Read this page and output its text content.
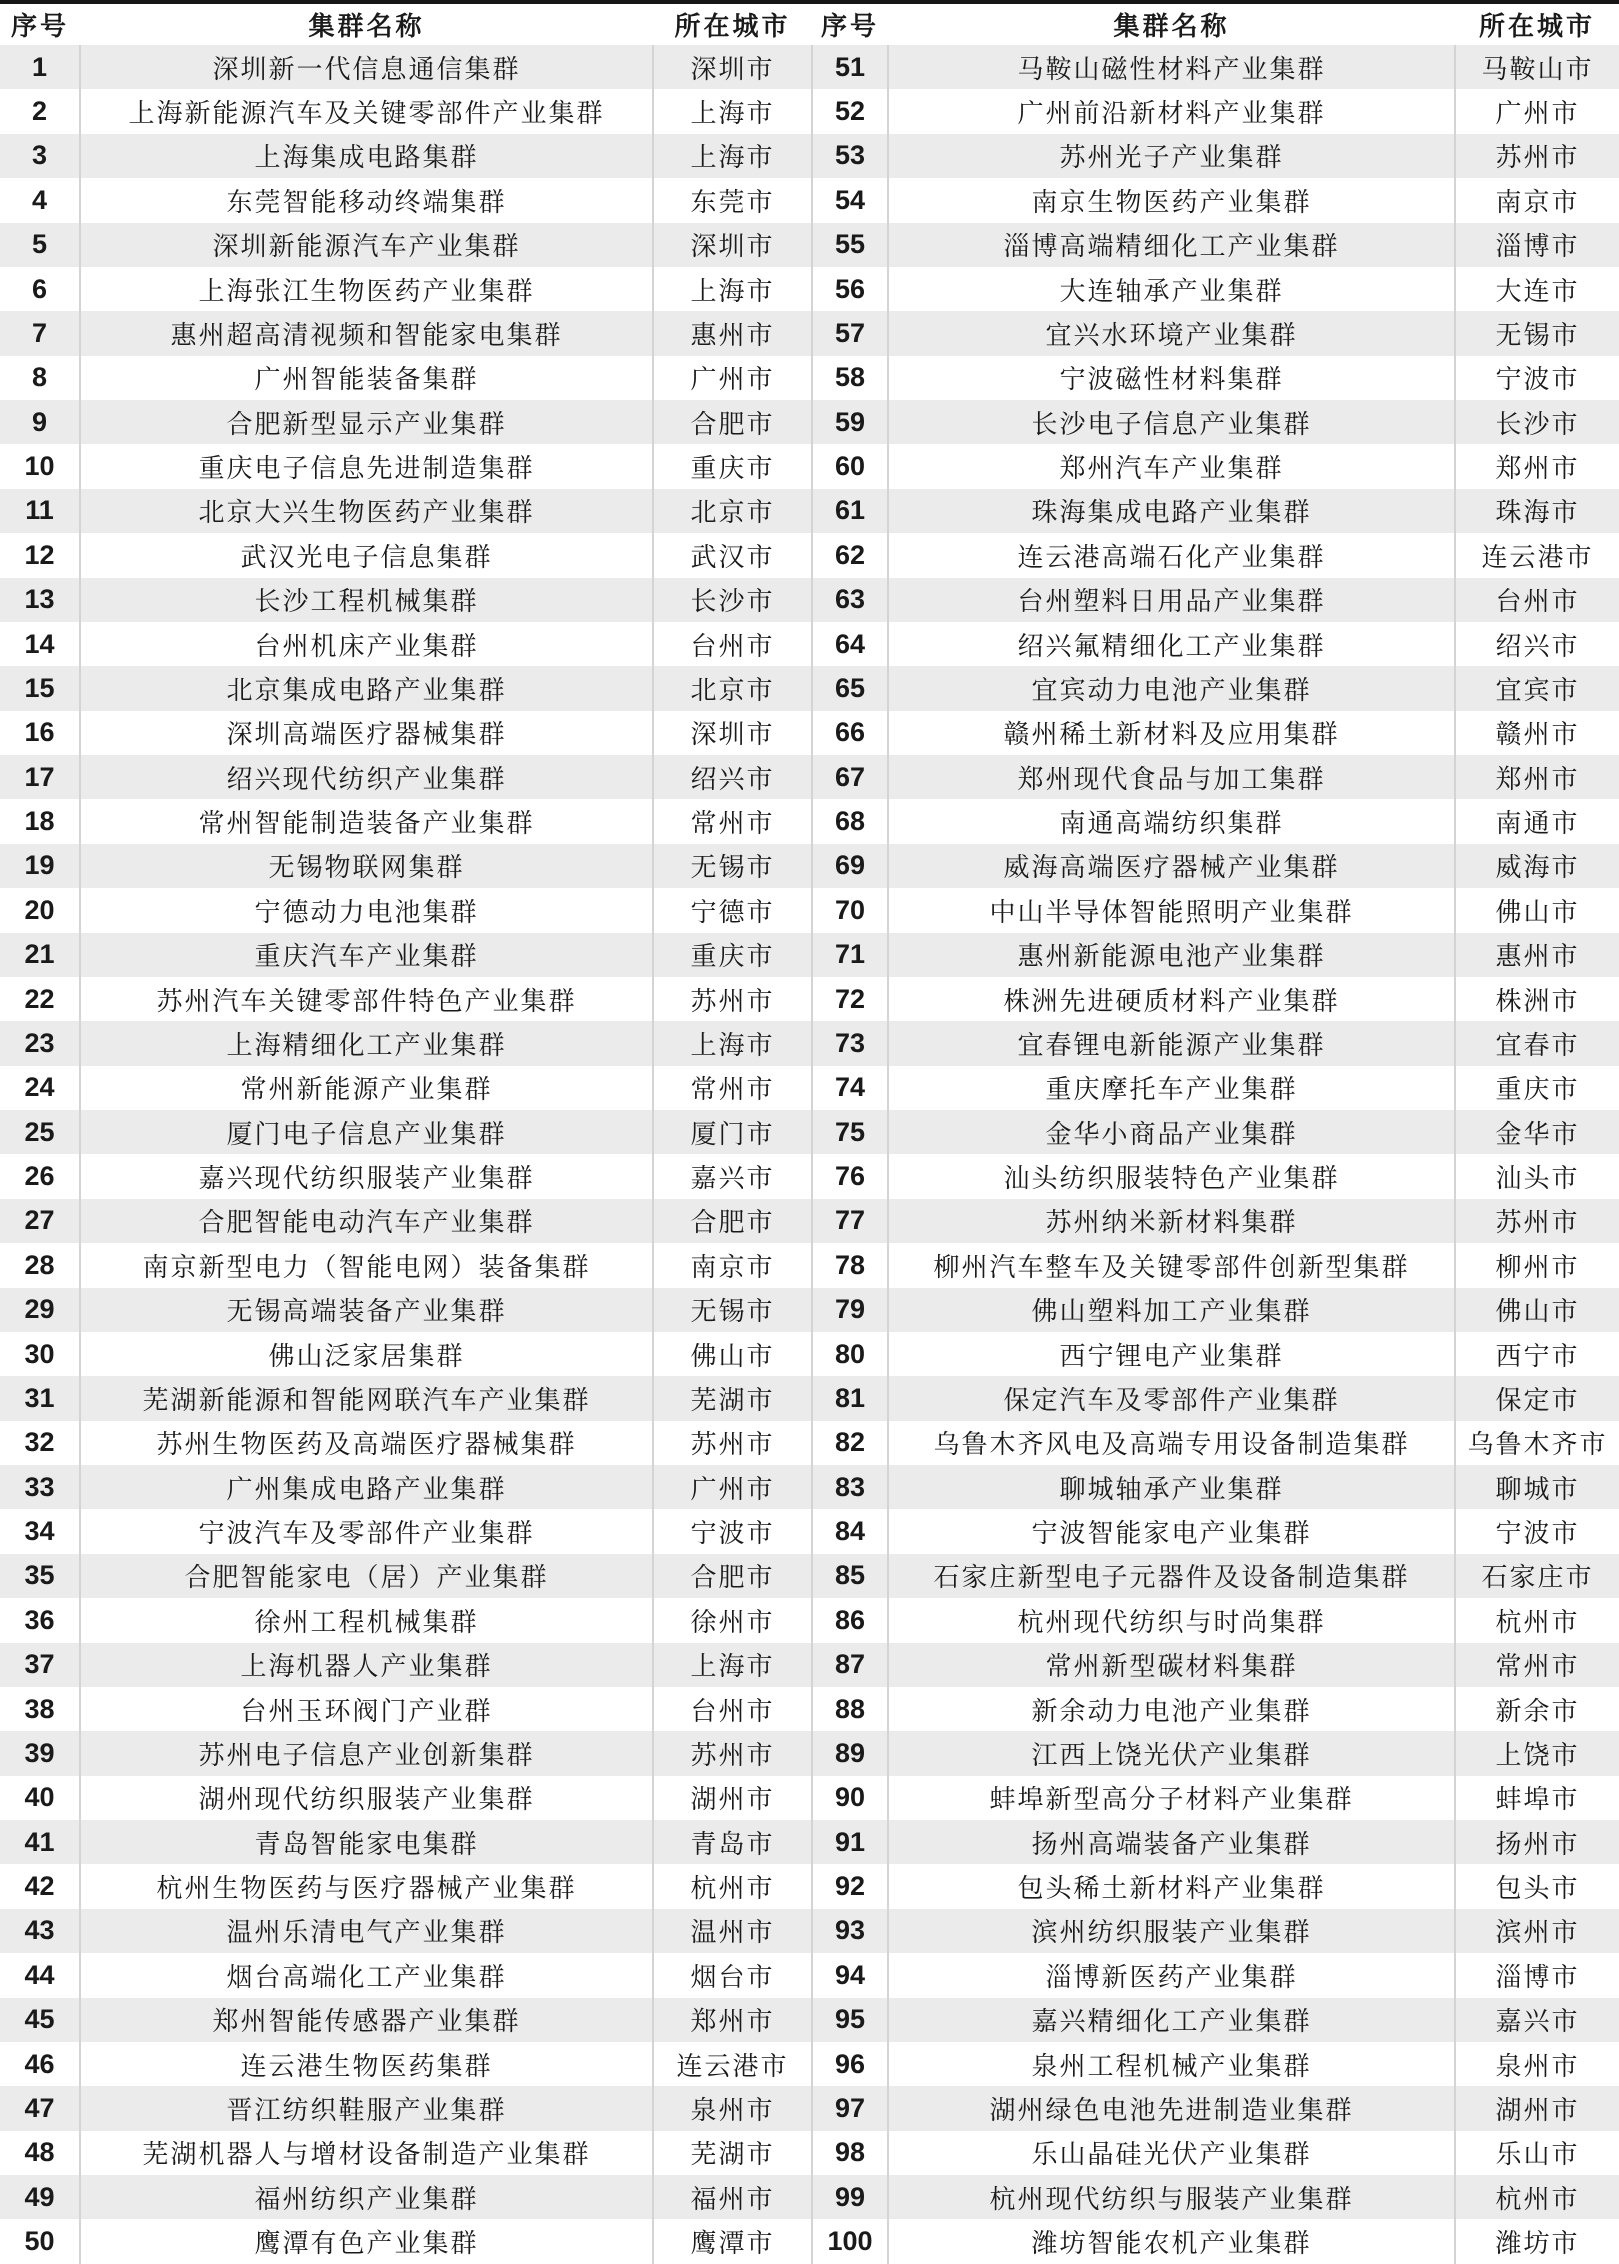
序号	集群名称	所在城市	序号	集群名称	所在城市
1	深圳新一代信息通信集群	深圳市	51	马鞍山磁性材料产业集群	马鞍山市
2	上海新能源汽车及关键零部件产业集群	上海市	52	广州前沿新材料产业集群	广州市
3	上海集成电路集群	上海市	53	苏州光子产业集群	苏州市
4	东莞智能移动终端集群	东莞市	54	南京生物医药产业集群	南京市
5	深圳新能源汽车产业集群	深圳市	55	淄博高端精细化工产业集群	淄博市
6	上海张江生物医药产业集群	上海市	56	大连轴承产业集群	大连市
7	惠州超高清视频和智能家电集群	惠州市	57	宜兴水环境产业集群	无锡市
8	广州智能装备集群	广州市	58	宁波磁性材料集群	宁波市
9	合肥新型显示产业集群	合肥市	59	长沙电子信息产业集群	长沙市
10	重庆电子信息先进制造集群	重庆市	60	郑州汽车产业集群	郑州市
11	北京大兴生物医药产业集群	北京市	61	珠海集成电路产业集群	珠海市
12	武汉光电子信息集群	武汉市	62	连云港高端石化产业集群	连云港市
13	长沙工程机械集群	长沙市	63	台州塑料日用品产业集群	台州市
14	台州机床产业集群	台州市	64	绍兴氟精细化工产业集群	绍兴市
15	北京集成电路产业集群	北京市	65	宜宾动力电池产业集群	宜宾市
16	深圳高端医疗器械集群	深圳市	66	赣州稀土新材料及应用集群	赣州市
17	绍兴现代纺织产业集群	绍兴市	67	郑州现代食品与加工集群	郑州市
18	常州智能制造装备产业集群	常州市	68	南通高端纺织集群	南通市
19	无锡物联网集群	无锡市	69	威海高端医疗器械产业集群	威海市
20	宁德动力电池集群	宁德市	70	中山半导体智能照明产业集群	佛山市
21	重庆汽车产业集群	重庆市	71	惠州新能源电池产业集群	惠州市
22	苏州汽车关键零部件特色产业集群	苏州市	72	株洲先进硬质材料产业集群	株洲市
23	上海精细化工产业集群	上海市	73	宜春锂电新能源产业集群	宜春市
24	常州新能源产业集群	常州市	74	重庆摩托车产业集群	重庆市
25	厦门电子信息产业集群	厦门市	75	金华小商品产业集群	金华市
26	嘉兴现代纺织服装产业集群	嘉兴市	76	汕头纺织服装特色产业集群	汕头市
27	合肥智能电动汽车产业集群	合肥市	77	苏州纳米新材料集群	苏州市
28	南京新型电力（智能电网）装备集群	南京市	78	柳州汽车整车及关键零部件创新型集群	柳州市
29	无锡高端装备产业集群	无锡市	79	佛山塑料加工产业集群	佛山市
30	佛山泛家居集群	佛山市	80	西宁锂电产业集群	西宁市
31	芜湖新能源和智能网联汽车产业集群	芜湖市	81	保定汽车及零部件产业集群	保定市
32	苏州生物医药及高端医疗器械集群	苏州市	82	乌鲁木齐风电及高端专用设备制造集群	乌鲁木齐市
33	广州集成电路产业集群	广州市	83	聊城轴承产业集群	聊城市
34	宁波汽车及零部件产业集群	宁波市	84	宁波智能家电产业集群	宁波市
35	合肥智能家电（居）产业集群	合肥市	85	石家庄新型电子元器件及设备制造集群	石家庄市
36	徐州工程机械集群	徐州市	86	杭州现代纺织与时尚集群	杭州市
37	上海机器人产业集群	上海市	87	常州新型碳材料集群	常州市
38	台州玉环阀门产业群	台州市	88	新余动力电池产业集群	新余市
39	苏州电子信息产业创新集群	苏州市	89	江西上饶光伏产业集群	上饶市
40	湖州现代纺织服装产业集群	湖州市	90	蚌埠新型高分子材料产业集群	蚌埠市
41	青岛智能家电集群	青岛市	91	扬州高端装备产业集群	扬州市
42	杭州生物医药与医疗器械产业集群	杭州市	92	包头稀土新材料产业集群	包头市
43	温州乐清电气产业集群	温州市	93	滨州纺织服装产业集群	滨州市
44	烟台高端化工产业集群	烟台市	94	淄博新医药产业集群	淄博市
45	郑州智能传感器产业集群	郑州市	95	嘉兴精细化工产业集群	嘉兴市
46	连云港生物医药集群	连云港市	96	泉州工程机械产业集群	泉州市
47	晋江纺织鞋服产业集群	泉州市	97	湖州绿色电池先进制造业集群	湖州市
48	芜湖机器人与增材设备制造产业集群	芜湖市	98	乐山晶硅光伏产业集群	乐山市
49	福州纺织产业集群	福州市	99	杭州现代纺织与服装产业集群	杭州市
50	鹰潭有色产业集群	鹰潭市	100	潍坊智能农机产业集群	潍坊市
